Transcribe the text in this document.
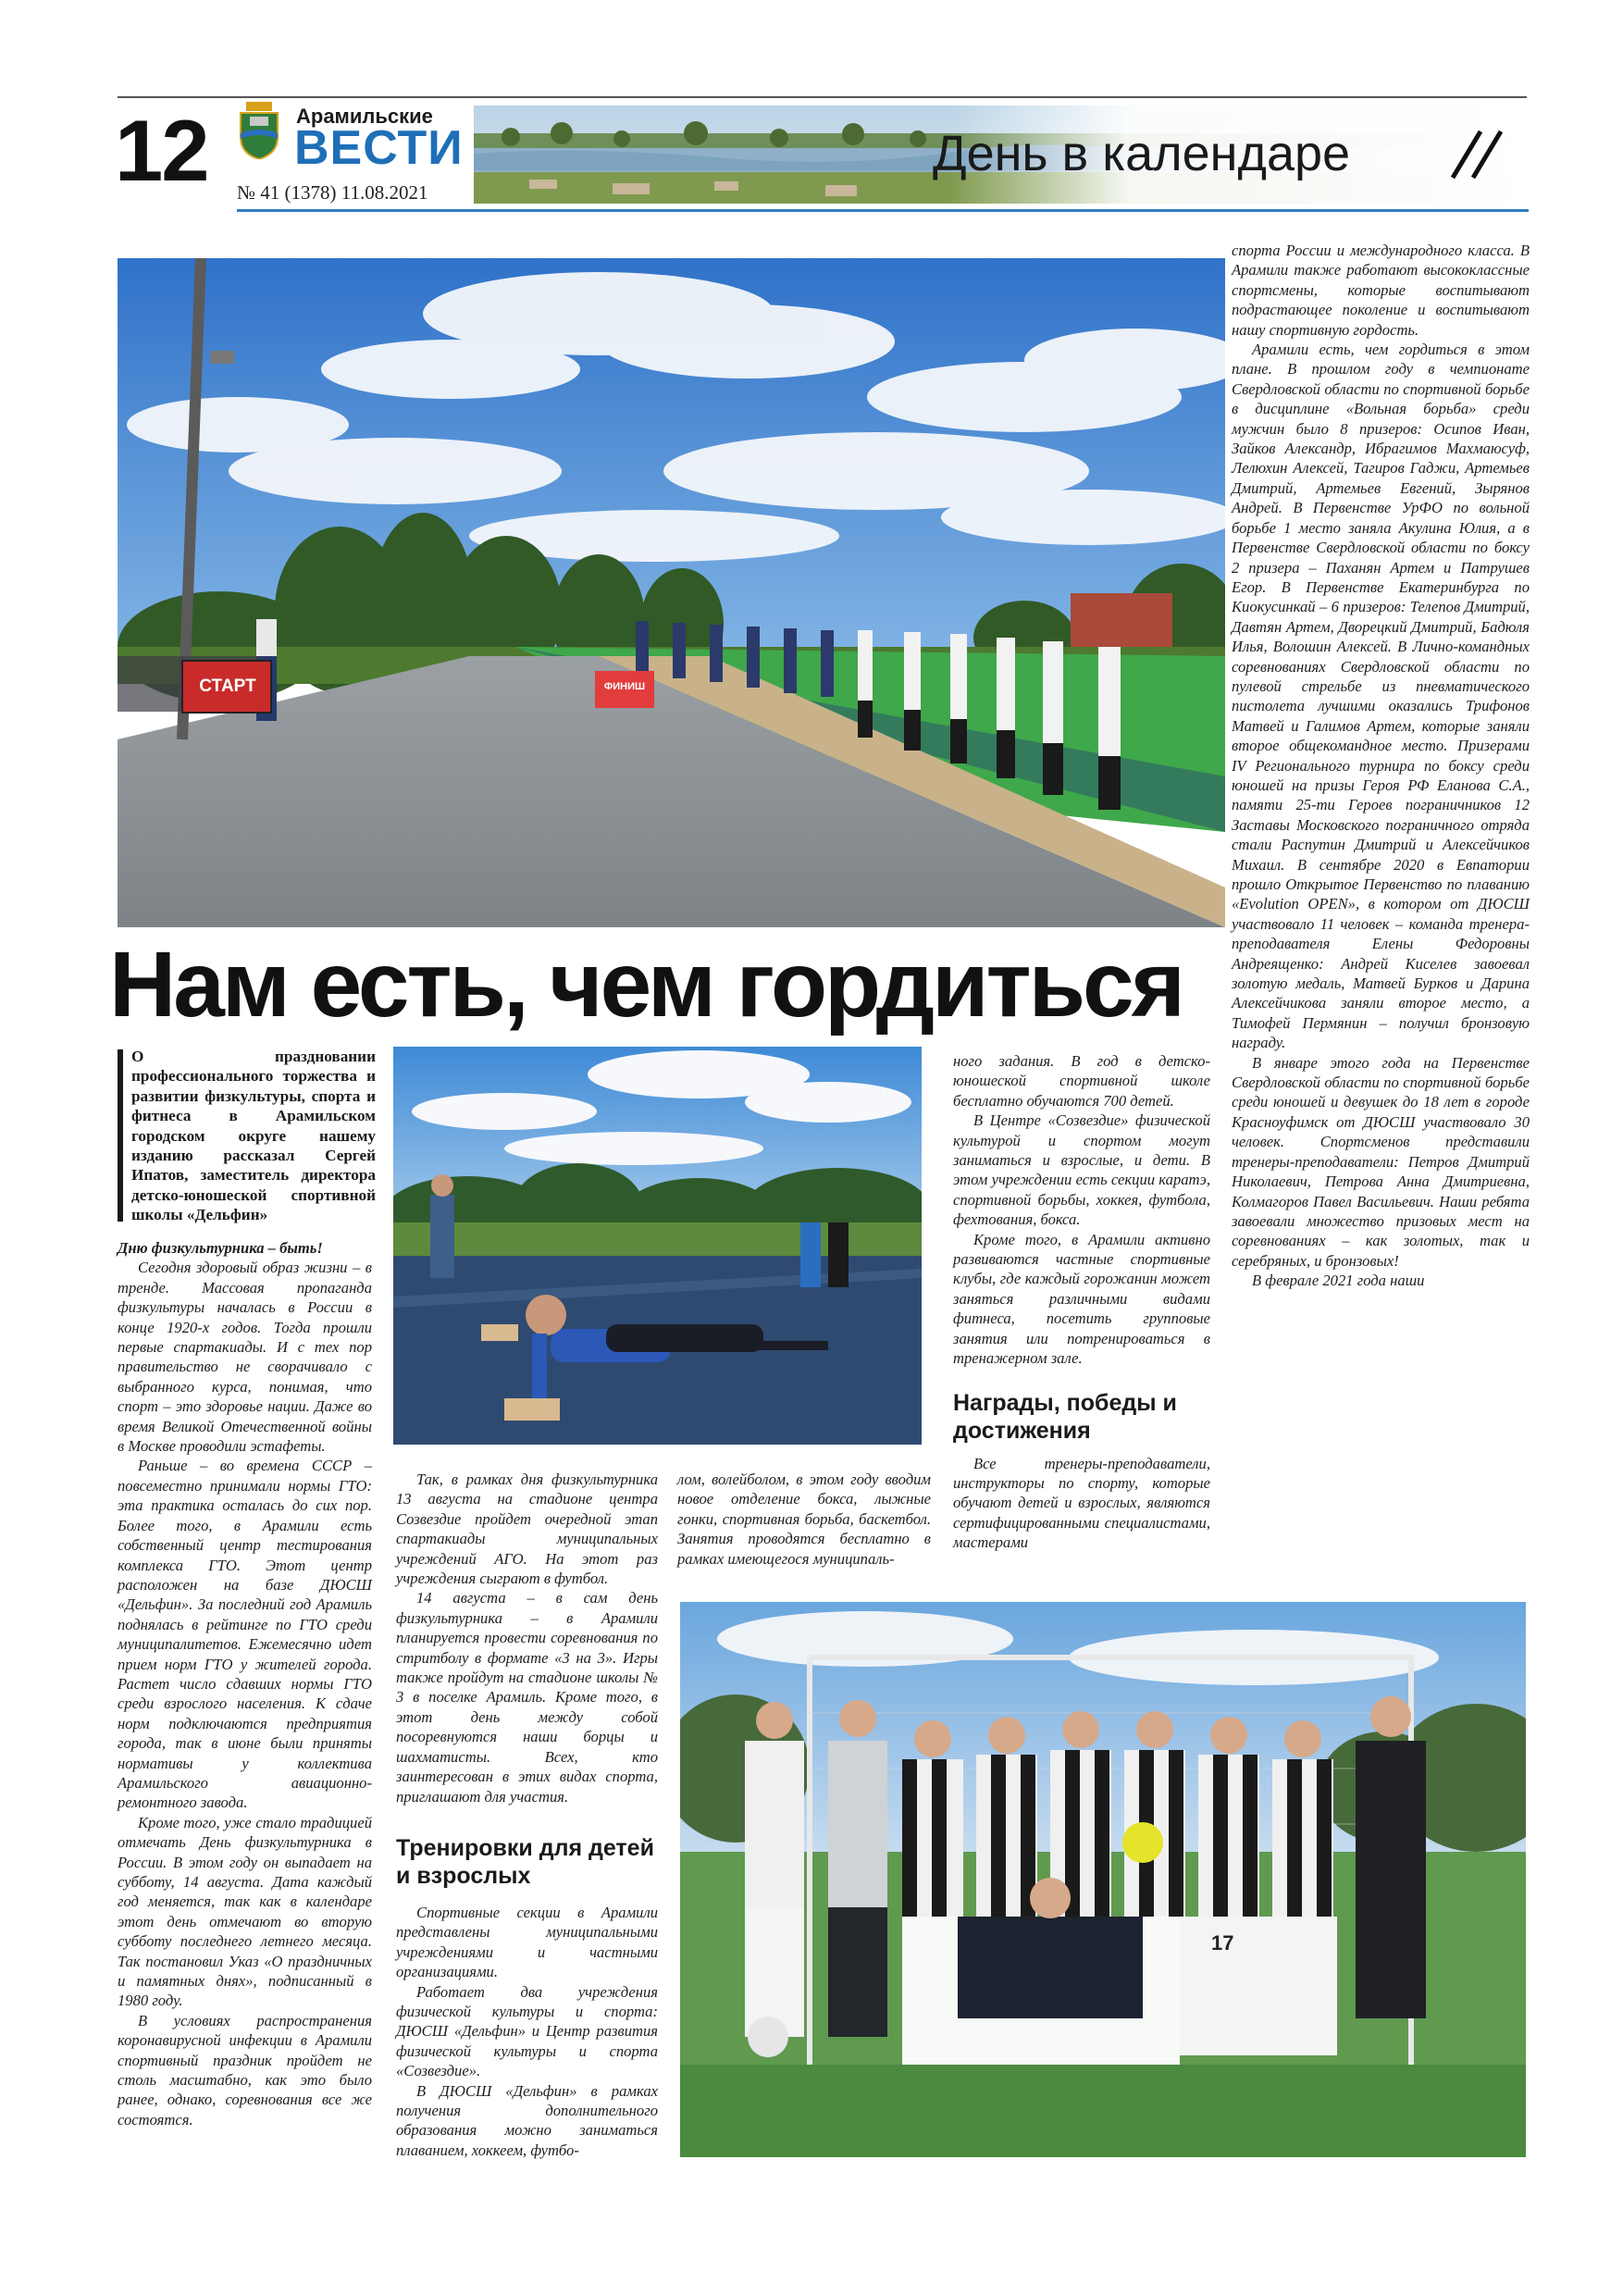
12	Арамильские
ВЕСТИ
№ 41 (1378) 11.08.2021
День в календаре
СТАРТ	ФИНИШ
Нам есть, чем гордиться
О праздновании профессионального торжества и развитии физкультуры, спорта и фитнеса в Арамильском городском округе нашему изданию рассказал Сергей Ипатов, заместитель директора детско-юношеской спортивной школы «Дельфин»
17

Дню физкультурника – быть!

Сегодня здоровый образ жизни – в тренде. Массовая пропаганда физкультуры началась в России в конце 1920-х годов. Тогда прошли первые спартакиады. И с тех пор правительство не сворачивало с выбранного курса, понимая, что спорт – это здоровье нации. Даже во время Великой Отечественной войны в Москве проводили эстафеты.

Раньше – во времена СССР – повсеместно принимали нормы ГТО: эта практика осталась до сих пор. Более того, в Арамили есть собственный центр тестирования комплекса ГТО. Этот центр расположен на базе ДЮСШ «Дельфин». За последний год Арамиль поднялась в рейтинге по ГТО среди муниципалитетов. Ежемесячно идет прием норм ГТО у жителей города. Растет число сдавших нормы ГТО среди взрослого населения. К сдаче норм подключаются предприятия города, так в июне были приняты нормативы у коллектива Арамильского авиационно-ремонтного завода.

Кроме того, уже стало традицией отмечать День физкультурника в России. В этом году он выпадает на субботу, 14 августа. Дата каждый год меняется, так как в календаре этот день отмечают во вторую субботу последнего летнего месяца. Так постановил Указ «О праздничных и памятных днях», подписанный в 1980 году.

В условиях распространения коронавирусной инфекции в Арамили спортивный праздник пройдет не столь масштабно, как это было ранее, однако, соревнования все же состоятся.

Так, в рамках дня физкультурника 13 августа на стадионе центра Созвездие пройдет очередной этап спартакиады муниципальных учреждений АГО. На этот раз учреждения сыграют в футбол.

14 августа – в сам день физкультурника – в Арамили планируется провести соревнования по стритболу в формате «3 на 3». Игры также пройдут на стадионе школы № 3 в поселке Арамиль. Кроме того, в этот день между собой посоревнуются наши борцы и шахматисты. Всех, кто заинтересован в этих видах спорта, приглашают для участия.

Тренировки для детей и взрослых

Спортивные секции в Арамили представлены муниципальными учреждениями и частными организациями.

Работает два учреждения физической культуры и спорта: ДЮСШ «Дельфин» и Центр развития физической культуры и спорта «Созвездие».

В ДЮСШ «Дельфин» в рамках получения дополнительного образования можно заниматься плаванием, хоккеем, футбо-

лом, волейболом, в этом году вводим новое отделение бокса, лыжные гонки, спортивная борьба, баскетбол. Занятия проводятся бесплатно в рамках имеющегося муниципаль-

ного задания. В год в детско-юношеской спортивной школе бесплатно обучаются 700 детей.

В Центре «Созвездие» физической культурой и спортом могут заниматься и взрослые, и дети. В этом учреждении есть секции каратэ, спортивной борьбы, хоккея, футбола, фехтования, бокса.

Кроме того, в Арамили активно развиваются частные спортивные клубы, где каждый горожанин может заняться различными видами фитнеса, посетить групповые занятия или потренироваться в тренажерном зале.

Награды, победы и достижения

Все тренеры-преподаватели, инструкторы по спорту, которые обучают детей и взрослых, являются сертифицированными специалистами, мастерами

спорта России и международного класса. В Арамили также работают высококлассные спортсмены, которые воспитывают подрастающее поколение и воспитывают нашу спортивную гордость.

Арамили есть, чем гордиться в этом плане. В прошлом году в чемпионате Свердловской области по спортивной борьбе в дисциплине «Вольная борьба» среди мужчин было 8 призеров: Осипов Иван, Зайков Александр, Ибрагимов Махмаюсуф, Лелюхин Алексей, Тагиров Гаджи, Артемьев Дмитрий, Артемьев Евгений, Зырянов Андрей. В Первенстве УрФО по вольной борьбе 1 место заняла Акулина Юлия, а в Первенстве Свердловской области по боксу 2 призера – Паханян Артем и Патрушев Егор. В Первенстве Екатеринбурга по Киокусинкай – 6 призеров: Телепов Дмитрий, Давтян Артем, Дворецкий Дмитрий, Бадюля Илья, Волошин Алексей. В Лично-командных соревнованиях Свердловской области по пулевой стрельбе из пневматического пистолета лучшими оказались Трифонов Матвей и Галимов Артем, которые заняли второе общекомандное место. Призерами IV Регионального турнира по боксу среди юношей на призы Героя РФ Еланова С.А., памяти 25-ти Героев пограничников 12 Заставы Московского пограничного отряда стали Распутин Дмитрий и Алексейчиков Михаил. В сентябре 2020 в Евпатории прошло Открытое Первенство по плаванию «Evolution OPEN», в котором от ДЮСШ участвовало 11 человек – команда тренера-преподавателя Елены Федоровны Андреященко: Андрей Киселев завоевал золотую медаль, Матвей Бурков и Дарина Алексейчикова заняли второе место, а Тимофей Пермянин – получил бронзовую награду.

В январе этого года на Первенстве Свердловской области по спортивной борьбе среди юношей и девушек до 18 лет в городе Красноуфимск от ДЮСШ участвовало 30 человек. Спортсменов представили тренеры-преподаватели: Петров Дмитрий Николаевич, Петрова Анна Дмитриевна, Колмагоров Павел Васильевич. Наши ребята завоевали множество призовых мест на соревнованиях – как золотых, так и серебряных, и бронзовых!

В феврале 2021 года наши
